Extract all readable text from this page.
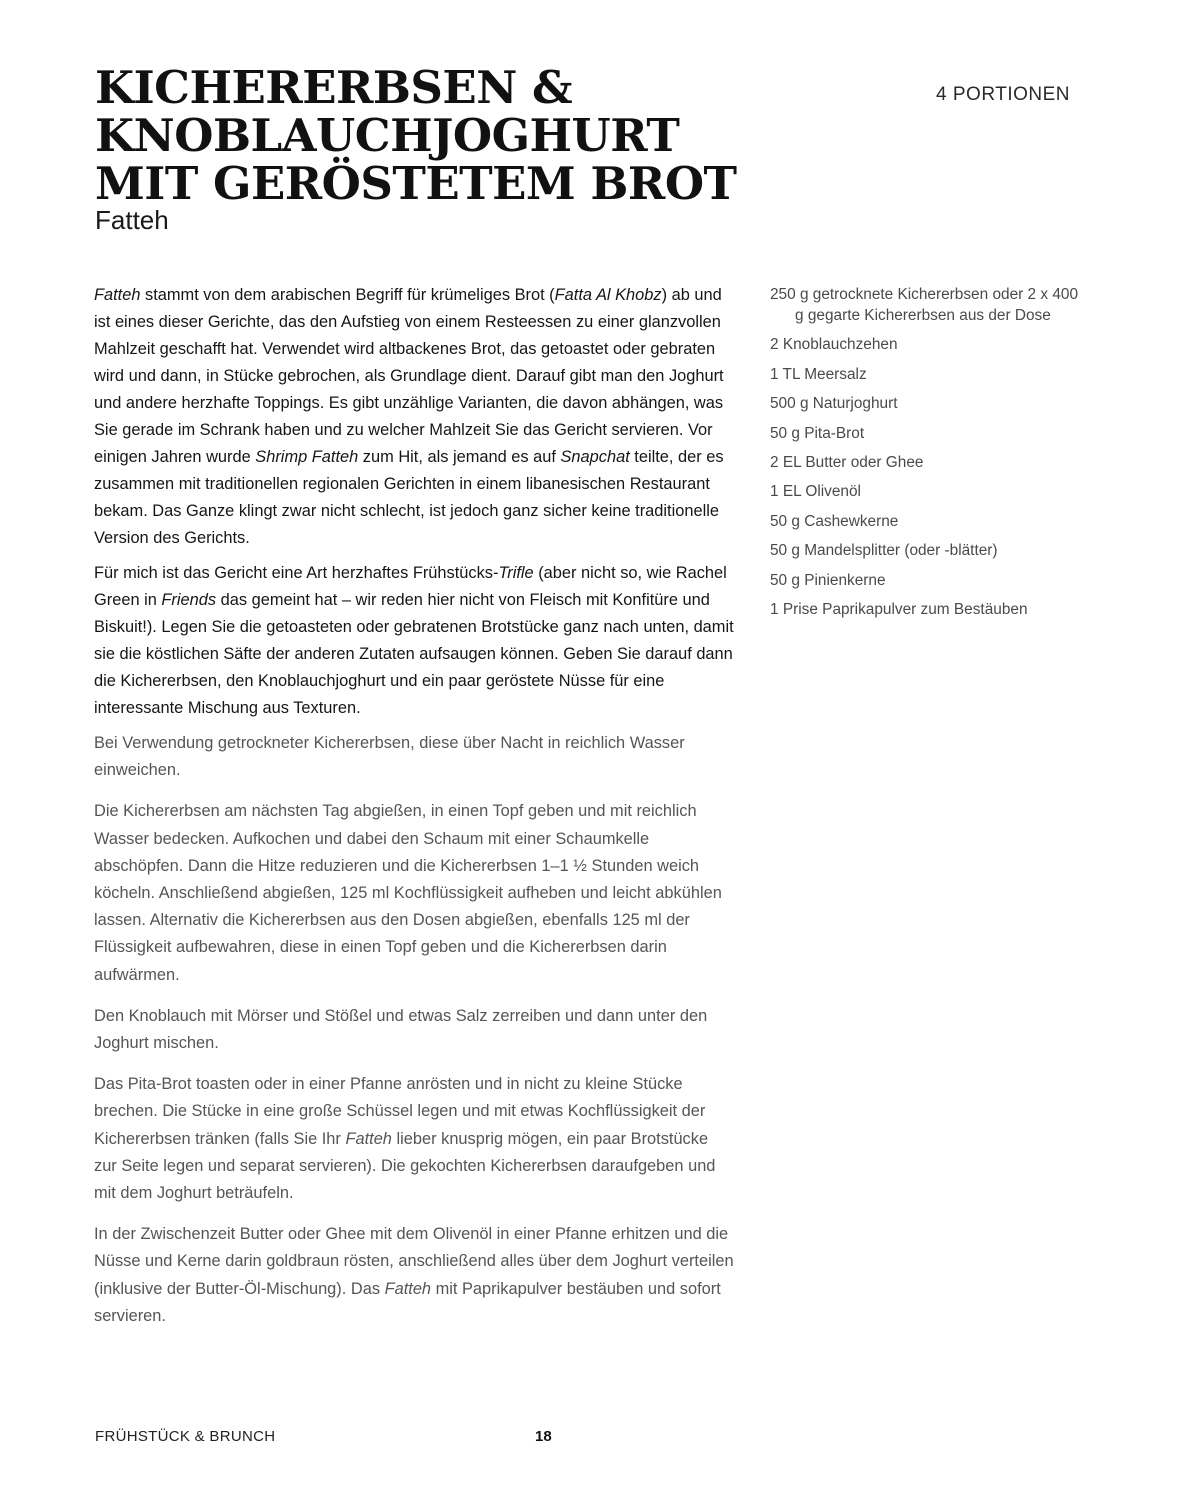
KICHERERBSEN & KNOBLAUCHJOGHURT MIT GERÖSTETEM BROT
Fatteh
4 PORTIONEN

Fatteh stammt von dem arabischen Begriff für krümeliges Brot (Fatta Al Khobz) ab und ist eines dieser Gerichte, das den Aufstieg von einem Resteessen zu einer glanzvollen Mahlzeit geschafft hat. Verwendet wird altbackenes Brot, das getoastet oder gebraten wird und dann, in Stücke gebrochen, als Grundlage dient. Darauf gibt man den Joghurt und andere herzhafte Toppings. Es gibt unzählige Varianten, die davon abhängen, was Sie gerade im Schrank haben und zu welcher Mahlzeit Sie das Gericht servieren. Vor einigen Jahren wurde Shrimp Fatteh zum Hit, als jemand es auf Snapchat teilte, der es zusammen mit traditionellen regionalen Gerichten in einem libanesischen Restaurant bekam. Das Ganze klingt zwar nicht schlecht, ist jedoch ganz sicher keine traditionelle Version des Gerichts.

Für mich ist das Gericht eine Art herzhaftes Frühstücks-Trifle (aber nicht so, wie Rachel Green in Friends das gemeint hat – wir reden hier nicht von Fleisch mit Konfitüre und Biskuit!). Legen Sie die getoasteten oder gebratenen Brotstücke ganz nach unten, damit sie die köstlichen Säfte der anderen Zutaten aufsaugen können. Geben Sie darauf dann die Kichererbsen, den Knoblauchjoghurt und ein paar geröstete Nüsse für eine interessante Mischung aus Texturen.

Bei Verwendung getrockneter Kichererbsen, diese über Nacht in reichlich Wasser einweichen.

Die Kichererbsen am nächsten Tag abgießen, in einen Topf geben und mit reichlich Wasser bedecken. Aufkochen und dabei den Schaum mit einer Schaumkelle abschöpfen. Dann die Hitze reduzieren und die Kichererbsen 1–1 ½ Stunden weich köcheln. Anschließend abgießen, 125 ml Kochflüssigkeit aufheben und leicht abkühlen lassen. Alternativ die Kichererbsen aus den Dosen abgießen, ebenfalls 125 ml der Flüssigkeit aufbewahren, diese in einen Topf geben und die Kichererbsen darin aufwärmen.

Den Knoblauch mit Mörser und Stößel und etwas Salz zerreiben und dann unter den Joghurt mischen.

Das Pita-Brot toasten oder in einer Pfanne anrösten und in nicht zu kleine Stücke brechen. Die Stücke in eine große Schüssel legen und mit etwas Kochflüssigkeit der Kichererbsen tränken (falls Sie Ihr Fatteh lieber knusprig mögen, ein paar Brotstücke zur Seite legen und separat servieren). Die gekochten Kichererbsen daraufgeben und mit dem Joghurt beträufeln.

In der Zwischenzeit Butter oder Ghee mit dem Olivenöl in einer Pfanne erhitzen und die Nüsse und Kerne darin goldbraun rösten, anschließend alles über dem Joghurt verteilen (inklusive der Butter-Öl-Mischung). Das Fatteh mit Paprikapulver bestäuben und sofort servieren.

250 g getrocknete Kichererbsen oder 2 x 400 g gegarte Kichererbsen aus der Dose
2 Knoblauchzehen
1 TL Meersalz
500 g Naturjoghurt
50 g Pita-Brot
2 EL Butter oder Ghee
1 EL Olivenöl
50 g Cashewkerne
50 g Mandelsplitter (oder -blätter)
50 g Pinienkerne
1 Prise Paprikapulver zum Bestäuben
FRÜHSTÜCK & BRUNCH	18
